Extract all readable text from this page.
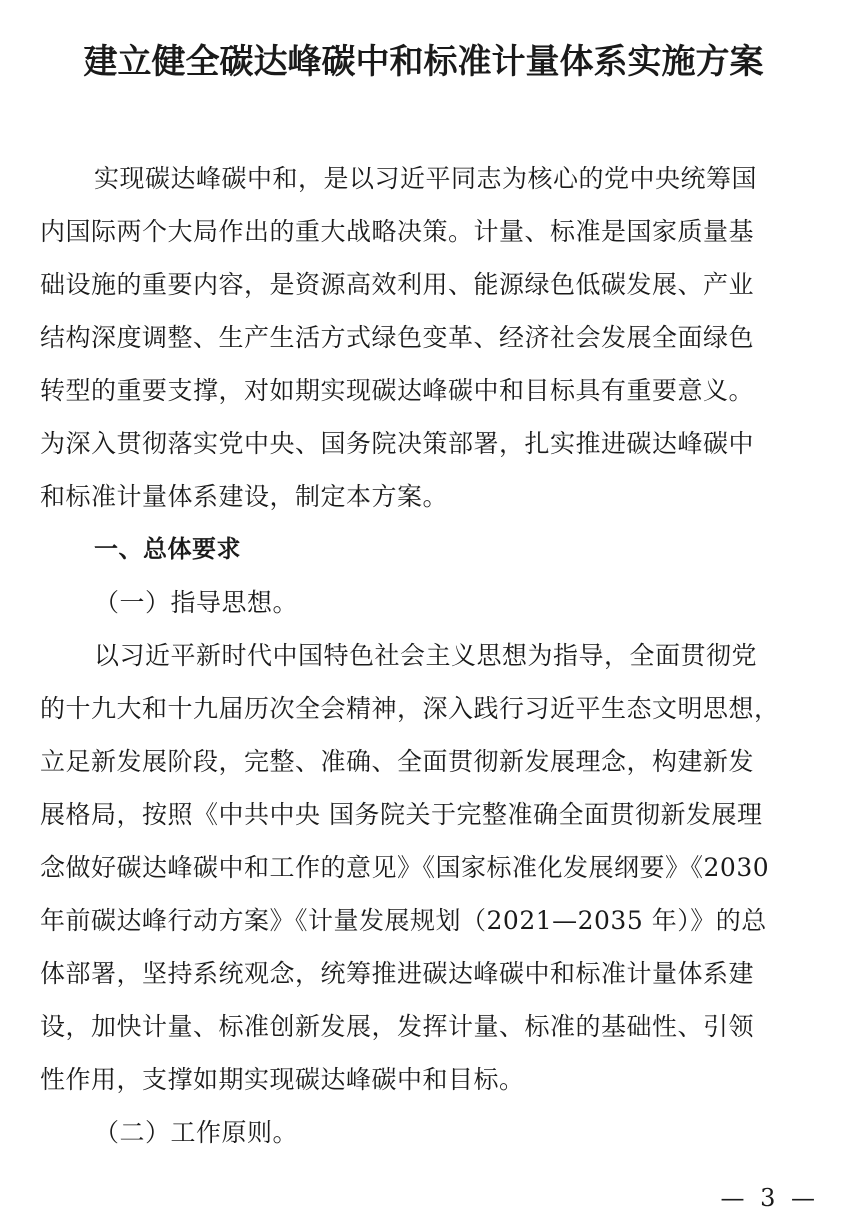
建立健全碳达峰碳中和标准计量体系实施方案
实现碳达峰碳中和，是以习近平同志为核心的党中央统筹国
内国际两个大局作出的重大战略决策。计量、标准是国家质量基
础设施的重要内容，是资源高效利用、能源绿色低碳发展、产业
结构深度调整、生产生活方式绿色变革、经济社会发展全面绿色
转型的重要支撑，对如期实现碳达峰碳中和目标具有重要意义。
为深入贯彻落实党中央、国务院决策部署，扎实推进碳达峰碳中
和标准计量体系建设，制定本方案。
一、总体要求
（一）指导思想。
以习近平新时代中国特色社会主义思想为指导，全面贯彻党
的十九大和十九届历次全会精神，深入践行习近平生态文明思想，
立足新发展阶段，完整、准确、全面贯彻新发展理念，构建新发
展格局，按照《中共中央 国务院关于完整准确全面贯彻新发展理
念做好碳达峰碳中和工作的意见》《国家标准化发展纲要》《2030
年前碳达峰行动方案》《计量发展规划（2021—2035 年）》的总
体部署，坚持系统观念，统筹推进碳达峰碳中和标准计量体系建
设，加快计量、标准创新发展，发挥计量、标准的基础性、引领
性作用，支撑如期实现碳达峰碳中和目标。
（二）工作原则。
— 3 —
